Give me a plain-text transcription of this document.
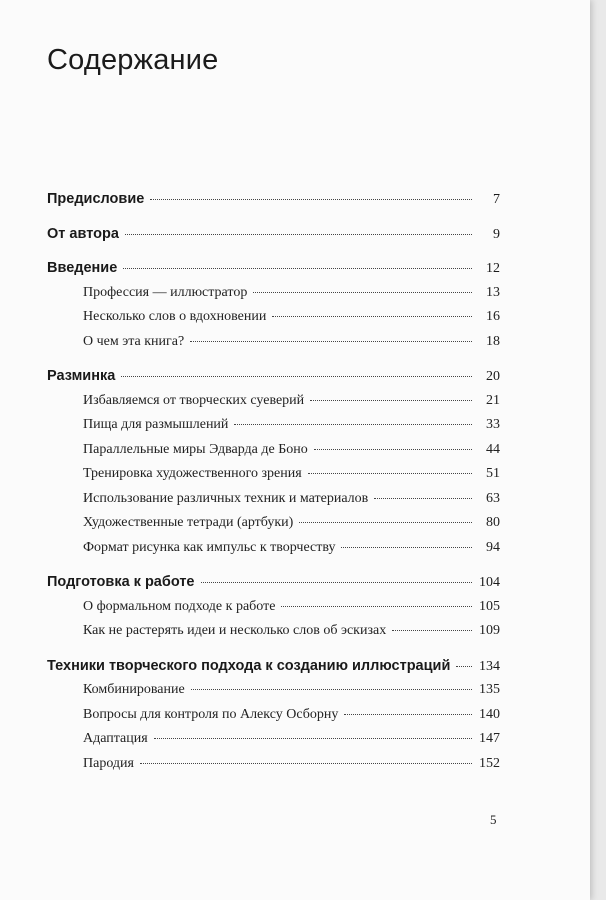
Содержание
Предисловие	7
От автора	9
Введение	12
Профессия — иллюстратор	13
Несколько слов о вдохновении	16
О чем эта книга?	18
Разминка	20
Избавляемся от творческих суеверий	21
Пища для размышлений	33
Параллельные миры Эдварда де Боно	44
Тренировка художественного зрения	51
Использование различных техник и материалов	63
Художественные тетради (артбуки)	80
Формат рисунка как импульс к творчеству	94
Подготовка к работе	104
О формальном подходе к работе	105
Как не растерять идеи и несколько слов об эскизах	109
Техники творческого подхода к созданию иллюстраций 134
Комбинирование	135
Вопросы для контроля по Алексу Осборну	140
Адаптация	147
Пародия	152
5
